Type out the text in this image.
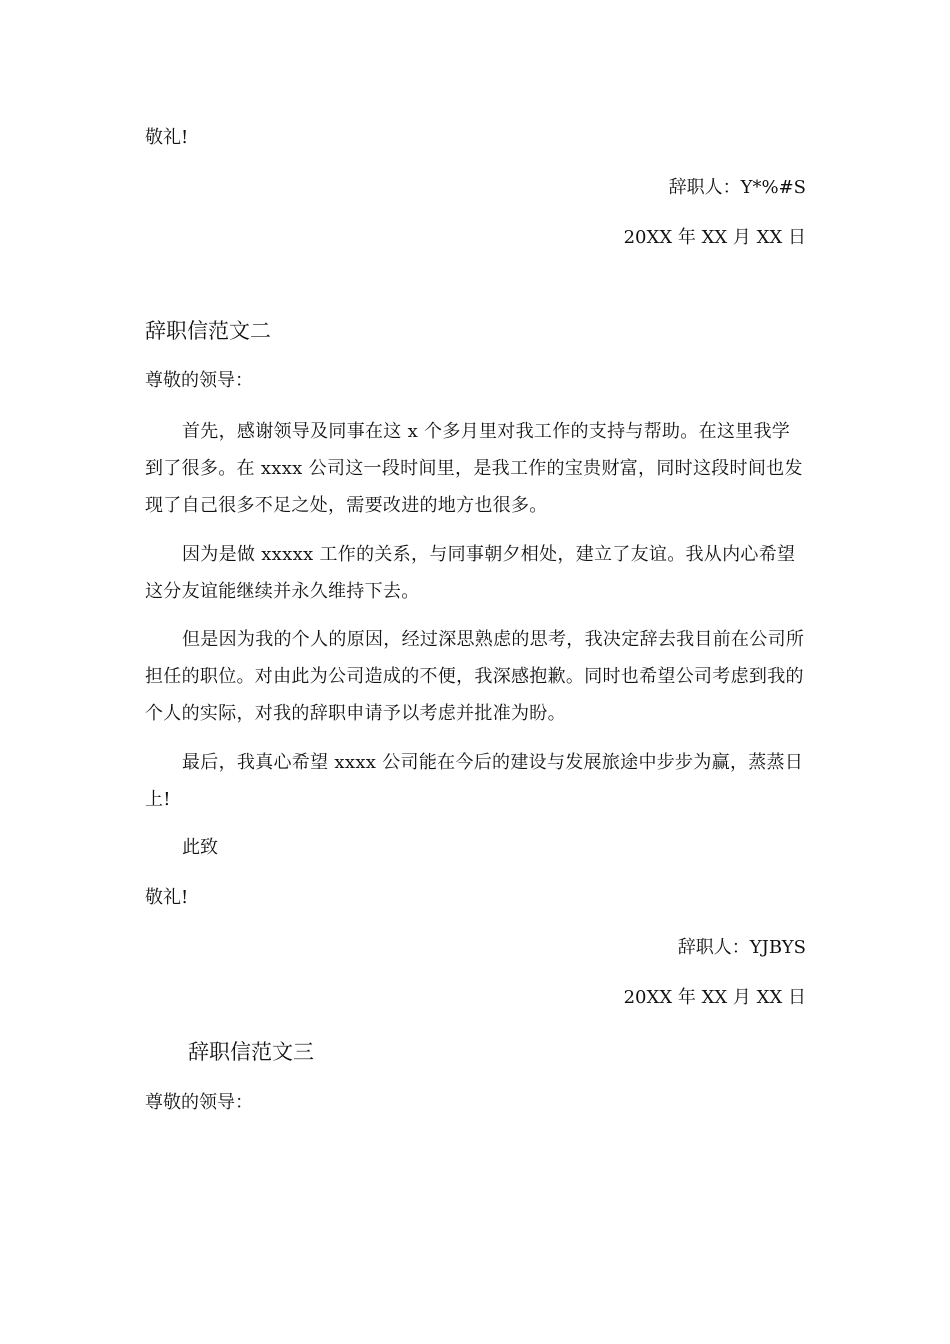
敬礼!
辞职人：Y*%#S
20XX 年 XX 月 XX 日
辞职信范文二
尊敬的领导：
首先，感谢领导及同事在这 x 个多月里对我工作的支持与帮助。在这里我学到了很多。在 xxxx 公司这一段时间里，是我工作的宝贵财富，同时这段时间也发现了自己很多不足之处，需要改进的地方也很多。
因为是做 xxxxx 工作的关系，与同事朝夕相处，建立了友谊。我从内心希望这分友谊能继续并永久维持下去。
但是因为我的个人的原因，经过深思熟虑的思考，我决定辞去我目前在公司所担任的职位。对由此为公司造成的不便，我深感抱歉。同时也希望公司考虑到我的个人的实际，对我的辞职申请予以考虑并批准为盼。
最后，我真心希望 xxxx 公司能在今后的建设与发展旅途中步步为赢，蒸蒸日上!
此致
敬礼!
辞职人：YJBYS
20XX 年 XX 月 XX 日
辞职信范文三
尊敬的领导：
